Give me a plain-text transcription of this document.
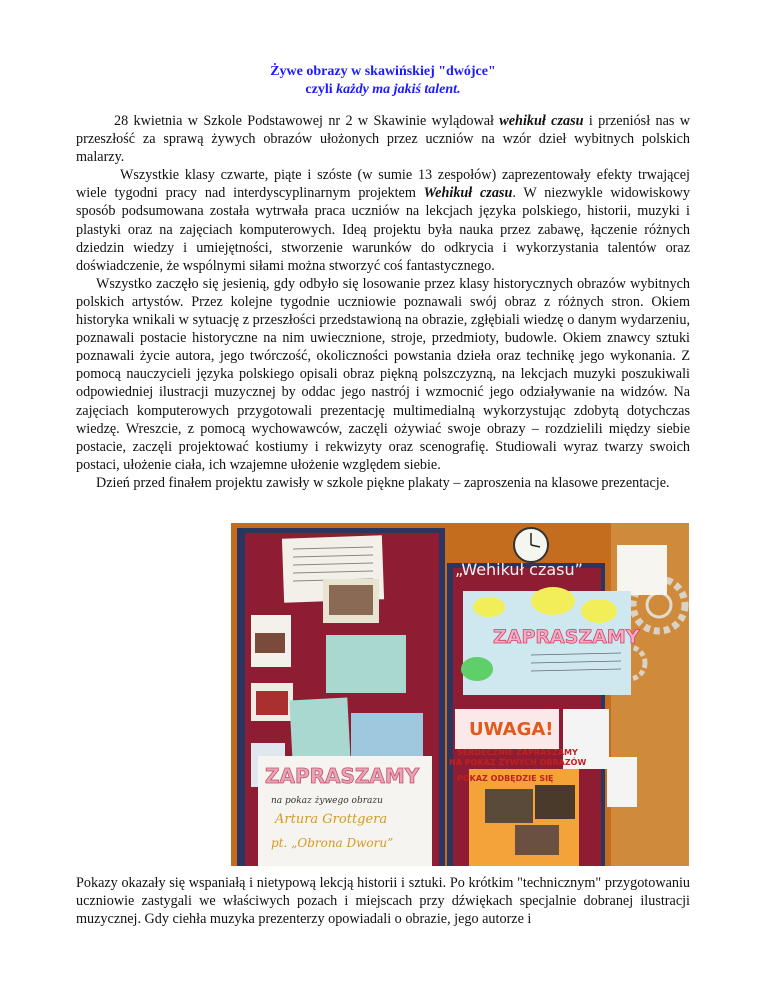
Żywe obrazy w skawińskiej "dwójce"
czyli każdy ma jakiś talent.

28 kwietnia w Szkole Podstawowej nr 2 w Skawinie wylądował wehikuł czasu i przeniósł nas w przeszłość za sprawą żywych obrazów ułożonych przez uczniów na wzór dzieł wybitnych polskich malarzy.

Wszystkie klasy czwarte, piąte i szóste (w sumie 13 zespołów) zaprezentowały efekty trwającej wiele tygodni pracy nad interdyscyplinarnym projektem Wehikuł czasu. W niezwykle widowiskowy sposób podsumowana została wytrwała praca uczniów na lekcjach języka polskiego, historii, muzyki i plastyki oraz na zajęciach komputerowych. Ideą projektu była nauka przez zabawę, łączenie różnych dziedzin wiedzy i umiejętności, stworzenie warunków do odkrycia i wykorzystania talentów oraz doświadczenie, że wspólnymi siłami można stworzyć coś fantastycznego.

Wszystko zaczęło się jesienią, gdy odbyło się losowanie przez klasy historycznych obrazów wybitnych polskich artystów. Przez kolejne tygodnie uczniowie poznawali swój obraz z różnych stron. Okiem historyka wnikali w sytuację z przeszłości przedstawioną na obrazie, zgłębiali wiedzę o danym wydarzeniu, poznawali postacie historyczne na nim uwiecznione, stroje, przedmioty, budowle. Okiem znawcy sztuki poznawali życie autora, jego twórczość, okoliczności powstania dzieła oraz technikę jego wykonania. Z pomocą nauczycieli języka polskiego opisali obraz piękną polszczyzną, na lekcjach muzyki poszukiwali odpowiedniej ilustracji muzycznej by oddac jego nastrój i wzmocnić jego odziaływanie na widzów. Na zajęciach komputerowych przygotowali prezentację multimedialną wykorzystując zdobytą dotychczas wiedzę. Wreszcie, z pomocą wychowawców, zaczęli ożywiać swoje obrazy – rozdzielili między siebie postacie, zaczęli projektować kostiumy i rekwizyty oraz scenografię. Studiowali wyraz twarzy swoich postaci, ułożenie ciała, ich wzajemne ułożenie względem siebie.

Dzień przed finałem projektu zawisły w szkole piękne plakaty – zaproszenia na klasowe prezentacje.

ZAPRASZAMY
na pokaz żywego obrazu
Artura Grottgera
pt. „Obrona Dworu”
„Wehikuł czasu”
ZAPRASZAMY
UWAGA!
SERDECZNIE ZAPRASZAMY
NA POKAZ ŻYWYCH OBRAZÓW
POKAZ ODBĘDZIE SIĘ

Pokazy okazały się wspaniałą i nietypową lekcją historii i sztuki. Po krótkim "technicznym" przygotowaniu uczniowie zastygali we właściwych pozach i miejscach przy dźwiękach specjalnie dobranej ilustracji muzycznej. Gdy ciehła muzyka prezenterzy opowiadali o obrazie, jego autorze i
